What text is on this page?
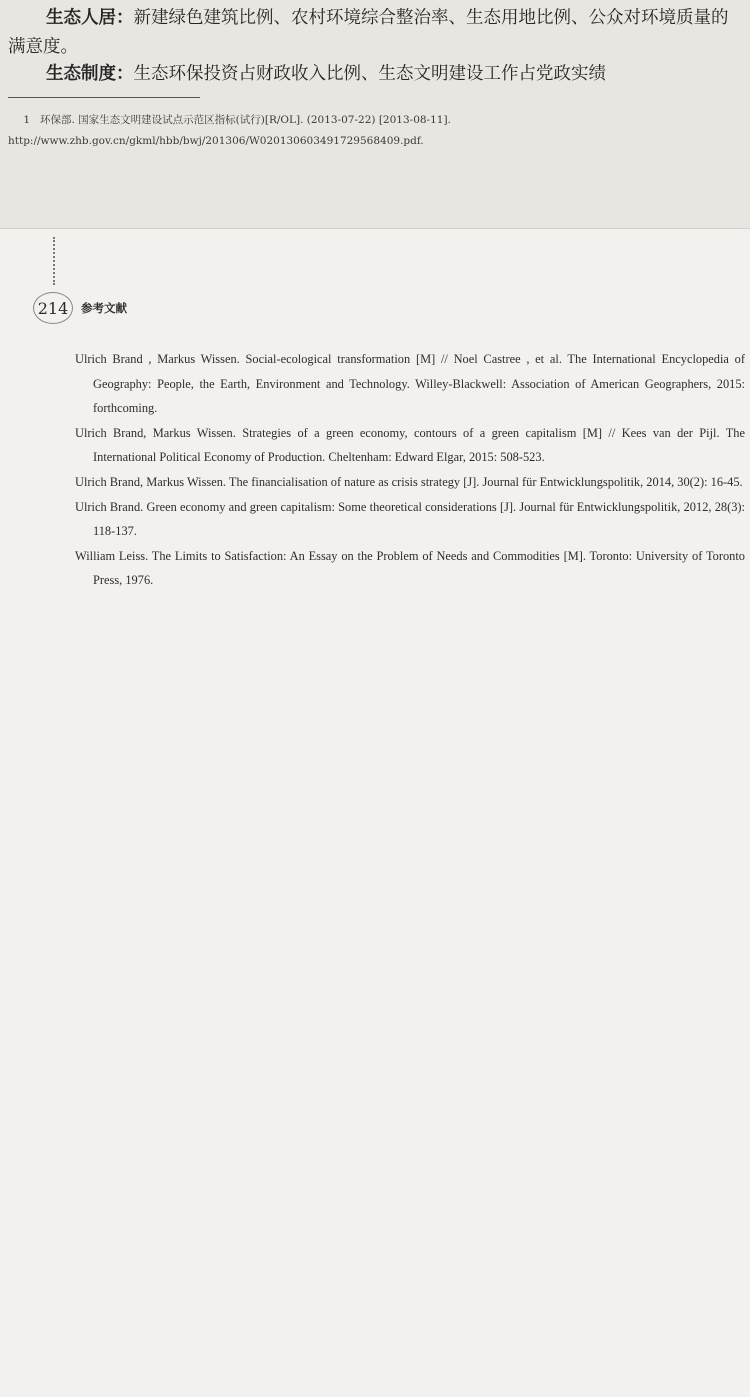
生态人居：新建绿色建筑比例、农村环境综合整治率、生态用地比例、公众对环境质量的满意度。
生态制度：生态环保投资占财政收入比例、生态文明建设工作占党政实绩
1 环保部. 国家生态文明建设试点示范区指标(试行)[R/OL]. (2013-07-22) [2013-08-11]. http://www.zhb.gov.cn/gkml/hbb/bwj/201306/W020130603491729568409.pdf.
214	参考文献

Ulrich Brand , Markus Wissen. Social-ecological transformation [M] // Noel Castree , et al. The International Encyclopedia of Geography: People, the Earth, Environment and Technology. Willey-Blackwell: Association of American Geographers, 2015: forthcoming.

Ulrich Brand, Markus Wissen. Strategies of a green economy, contours of a green capitalism [M] // Kees van der Pijl. The International Political Economy of Production. Cheltenham: Edward Elgar, 2015: 508-523.

Ulrich Brand, Markus Wissen. The financialisation of nature as crisis strategy [J]. Journal für Entwicklungspolitik, 2014, 30(2): 16-45.

Ulrich Brand. Green economy and green capitalism: Some theoretical considerations [J]. Journal für Entwicklungspolitik, 2012, 28(3): 118-137.

William Leiss. The Limits to Satisfaction: An Essay on the Problem of Needs and Commodities [M]. Toronto: University of Toronto Press, 1976.
